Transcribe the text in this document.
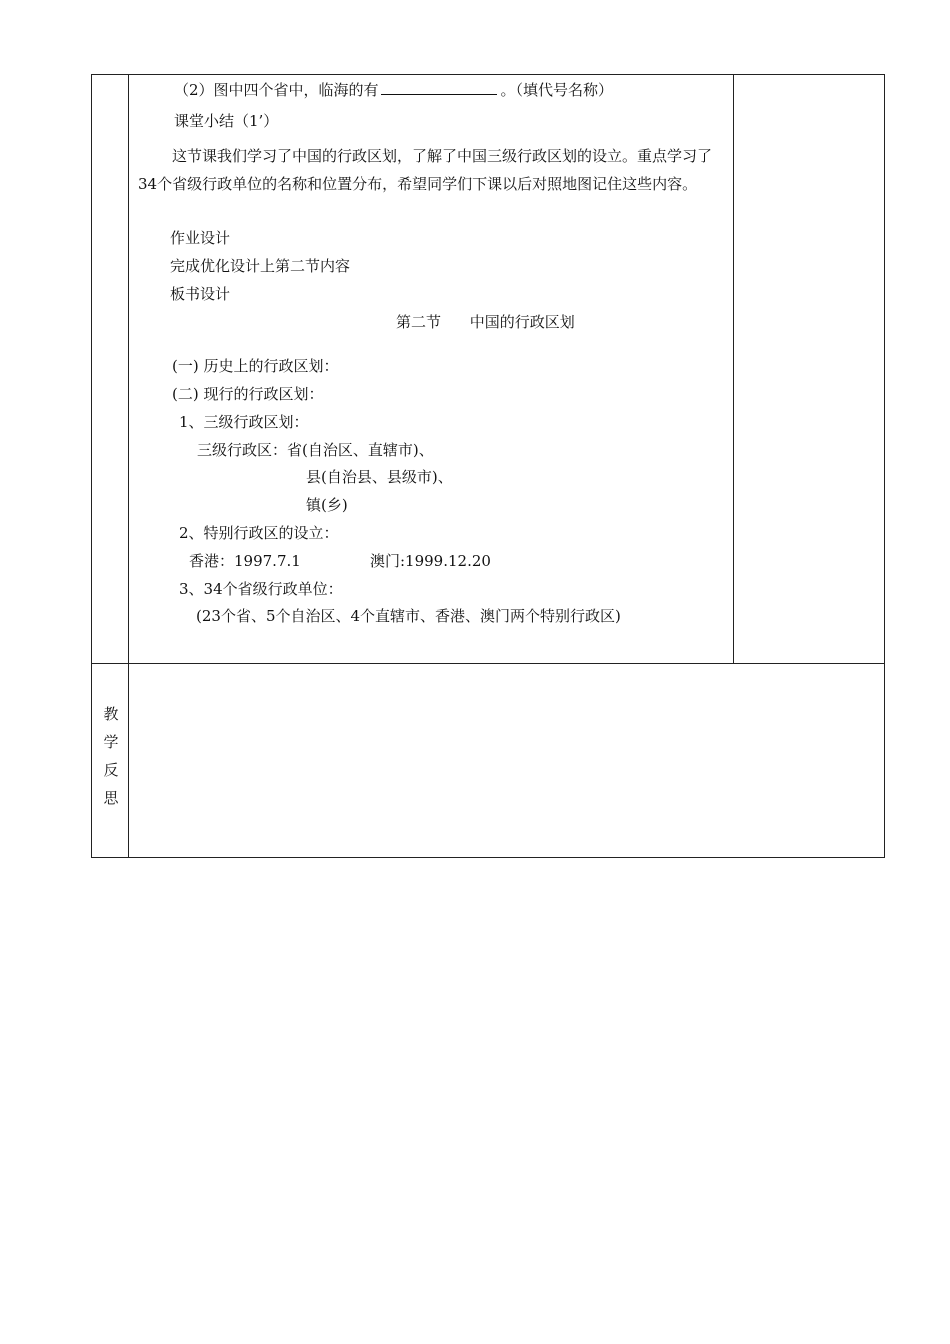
（2）图中四个省中，临海的有	。（填代号名称）
课堂小结（1’）
这节课我们学习了中国的行政区划，了解了中国三级行政区划的设立。重点学习了34个省级行政单位的名称和位置分布，希望同学们下课以后对照地图记住这些内容。
作业设计
完成优化设计上第二节内容
板书设计
第二节 中国的行政区划
(一) 历史上的行政区划：
(二) 现行的行政区划：
1、三级行政区划：
三级行政区：省(自治区、直辖市)、
县(自治县、县级市)、
镇(乡)
2、特别行政区的设立：
香港：1997.7.1	澳门:1999.12.20
3、34个省级行政单位：
(23个省、5个自治区、4个直辖市、香港、澳门两个特别行政区)
教
学
反
思
